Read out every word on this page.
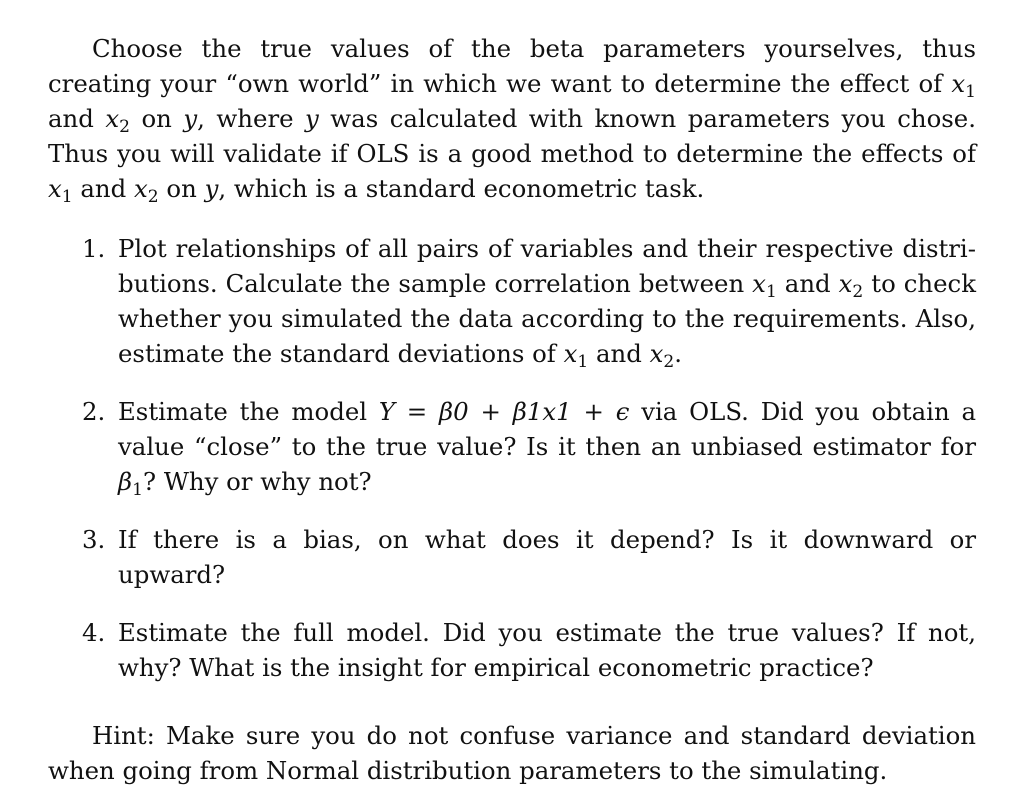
Choose the true values of the beta parameters yourselves, thus creating your “own world” in which we want to determine the effect of $x_1$ and $x_2$ on y, where y was calculated with known parameters you chose. Thus you will validate if OLS is a good method to determine the effects of $x_1$ and $x_2$ on y, which is a standard econometric task.

1. Plot relationships of all pairs of variables and their respective distributions. Calculate the sample correlation between $x_1$ and $x_2$ to check whether you simulated the data according to the requirements. Also, estimate the standard deviations of $x_1$ and $x_2$.
2. Estimate the model Y = β0 + β1x1 + ϵ via OLS. Did you obtain a value “close” to the true value? Is it then an unbiased estimator for $\beta_1$? Why or why not?
3. If there is a bias, on what does it depend? Is it downward or upward?
4. Estimate the full model. Did you estimate the true values? If not, why? What is the insight for empirical econometric practice?

Hint: Make sure you do not confuse variance and standard deviation when going from Normal distribution parameters to the simulating.
